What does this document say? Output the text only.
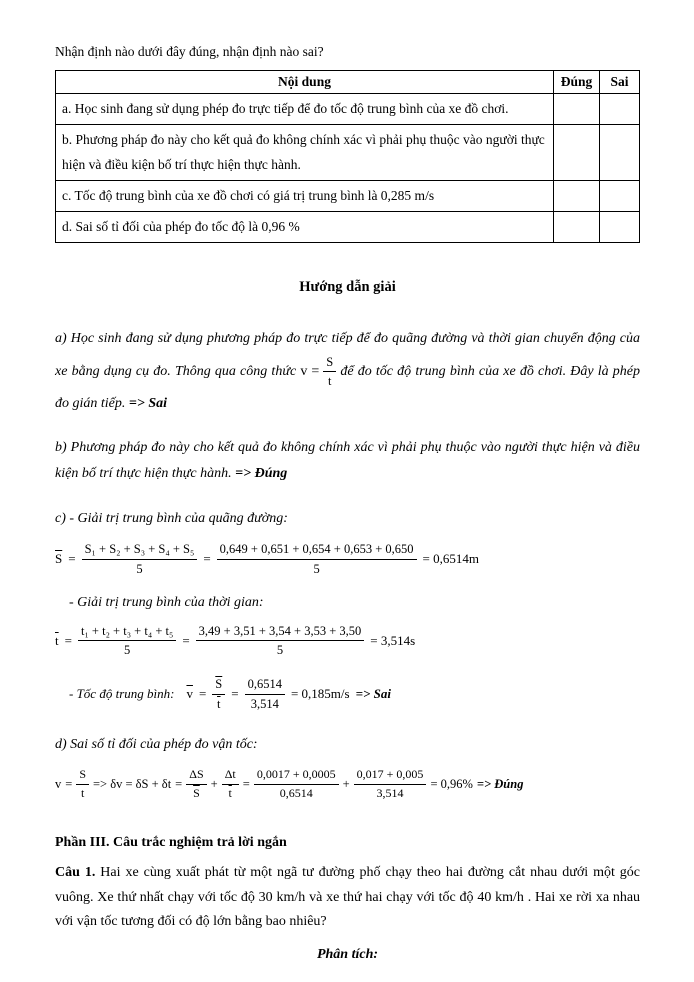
Nhận định nào dưới đây đúng, nhận định nào sai?

Nội dung	Đúng	Sai
a. Học sinh đang sử dụng phép đo trực tiếp để đo tốc độ trung bình của xe đồ chơi.		
b. Phương pháp đo này cho kết quả đo không chính xác vì phải phụ thuộc vào người thực hiện và điều kiện bố trí thực hiện thực hành.		
c. Tốc độ trung bình của xe đồ chơi có giá trị trung bình là 0,285 m/s		
d. Sai số tỉ đối của phép đo tốc độ là 0,96 %		
Hướng dẫn giải

a) Học sinh đang sử dụng phương pháp đo trực tiếp để đo quãng đường và thời gian chuyển động của xe bằng dụng cụ đo. Thông qua công thức $v = \frac{S}{t}$ để đo tốc độ trung bình của xe đồ chơi. Đây là phép đo gián tiếp. => Sai

b) Phương pháp đo này cho kết quả đo không chính xác vì phải phụ thuộc vào người thực hiện và điều kiện bố trí thực hiện thực hành. => Đúng

c) - Giải trị trung bình của quãng đường:

$\overline{S} = \frac{\text{S₁ + S₂ + S₃ + S₄ + S₅}}{5} = \frac{0,649 + 0,651 + 0,654 + 0,653 + 0,650}{5} = 0,6514m$

- Giải trị trung bình của thời gian:

$\overline{t} = \frac{\text{t₁ + t₂ + t₃ + t₄ + t₅}}{5} = \frac{3,49 + 3,51 + 3,54 + 3,53 + 3,50}{5} = 3,514s$
- Tốc độ trung bình: $\overline{v} = \frac{\overline{S}}{t} = \frac{0,6514}{3,514} = 0,185m/s$ => Sai

d) Sai số tỉ đối của phép đo vận tốc:

$v = \frac{S}{t} => \delta v = \delta S + \delta t = \frac{\Delta S}{S} + \frac{\Delta t}{t} = \frac{0,0017 + 0,0005}{0,6514} + \frac{0,017 + 0,005}{3,514} = 0,96\%$ => Đúng

Phần III. Câu trắc nghiệm trả lời ngắn

Câu 1. Hai xe cùng xuất phát từ một ngã tư đường phố chạy theo hai đường cắt nhau dưới một góc vuông. Xe thứ nhất chạy với tốc độ 30 km/h và xe thứ hai chạy với tốc độ 40 km/h . Hai xe rời xa nhau với vận tốc tương đối có độ lớn bằng bao nhiêu?

Phân tích:
